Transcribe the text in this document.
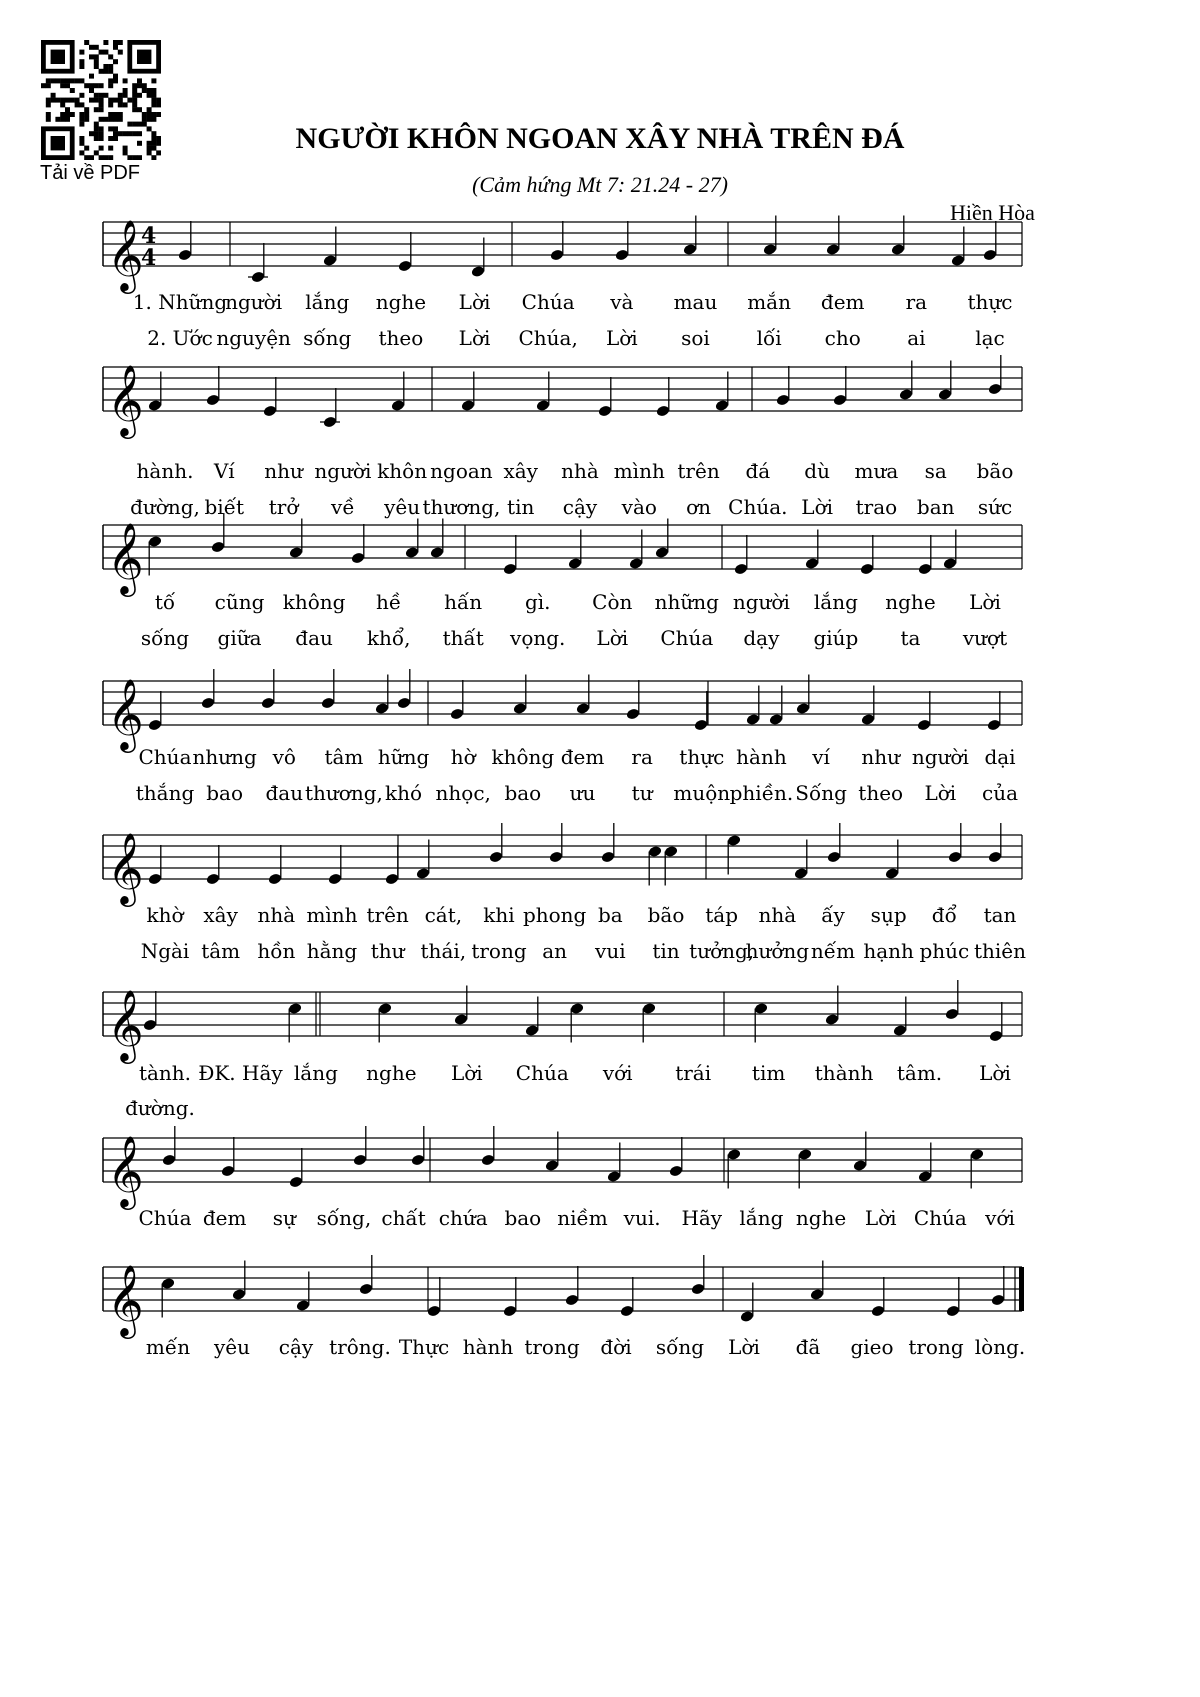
Tải về PDF
NGƯỜI KHÔN NGOAN XÂY NHÀ TRÊN ĐÁ
(Cảm hứng Mt 7: 21.24 - 27)
Hiền Hòa
𝄞
4
4
𝄞
𝄞
𝄞
𝄞
𝄞
𝄞
𝄞
1. Những
người lắng nghe Lời Chúa và mau mắn đem ra thực
2. Ước nguyện sống theo Lời Chúa, Lời soi lối cho ai lạc
hành. Ví như người khôn ngoan xây nhà mình trên đá dù mưa sa bão
đường, biết trở về yêu thương, tin cậy vào ơn Chúa. Lời trao ban sức
tố cũng không hề hấn gì. Còn những người lắng nghe Lời
sống giữa đau khổ, thất vọng. Lời Chúa dạy giúp ta vượt
Chúa nhưng vô tâm hững hờ không đem ra thực hành ví như người dại
thắng bao đau thương, khó nhọc, bao ưu tư muộn phiền. Sống theo Lời của
khờ xây nhà mình trên cát, khi phong ba bão táp nhà ấy sụp đổ tan
Ngài tâm hồn hằng thư thái, trong an vui tin tưởng,
hưởng nếm hạnh phúc thiên
tành. ĐK. Hãy lắng nghe Lời Chúa với trái tim thành tâm. Lời
đường.
Chúa đem sự sống, chất chứa bao niềm vui. Hãy lắng nghe Lời Chúa với
mến yêu cậy trông. Thực hành trong đời sống Lời đã gieo trong lòng.
